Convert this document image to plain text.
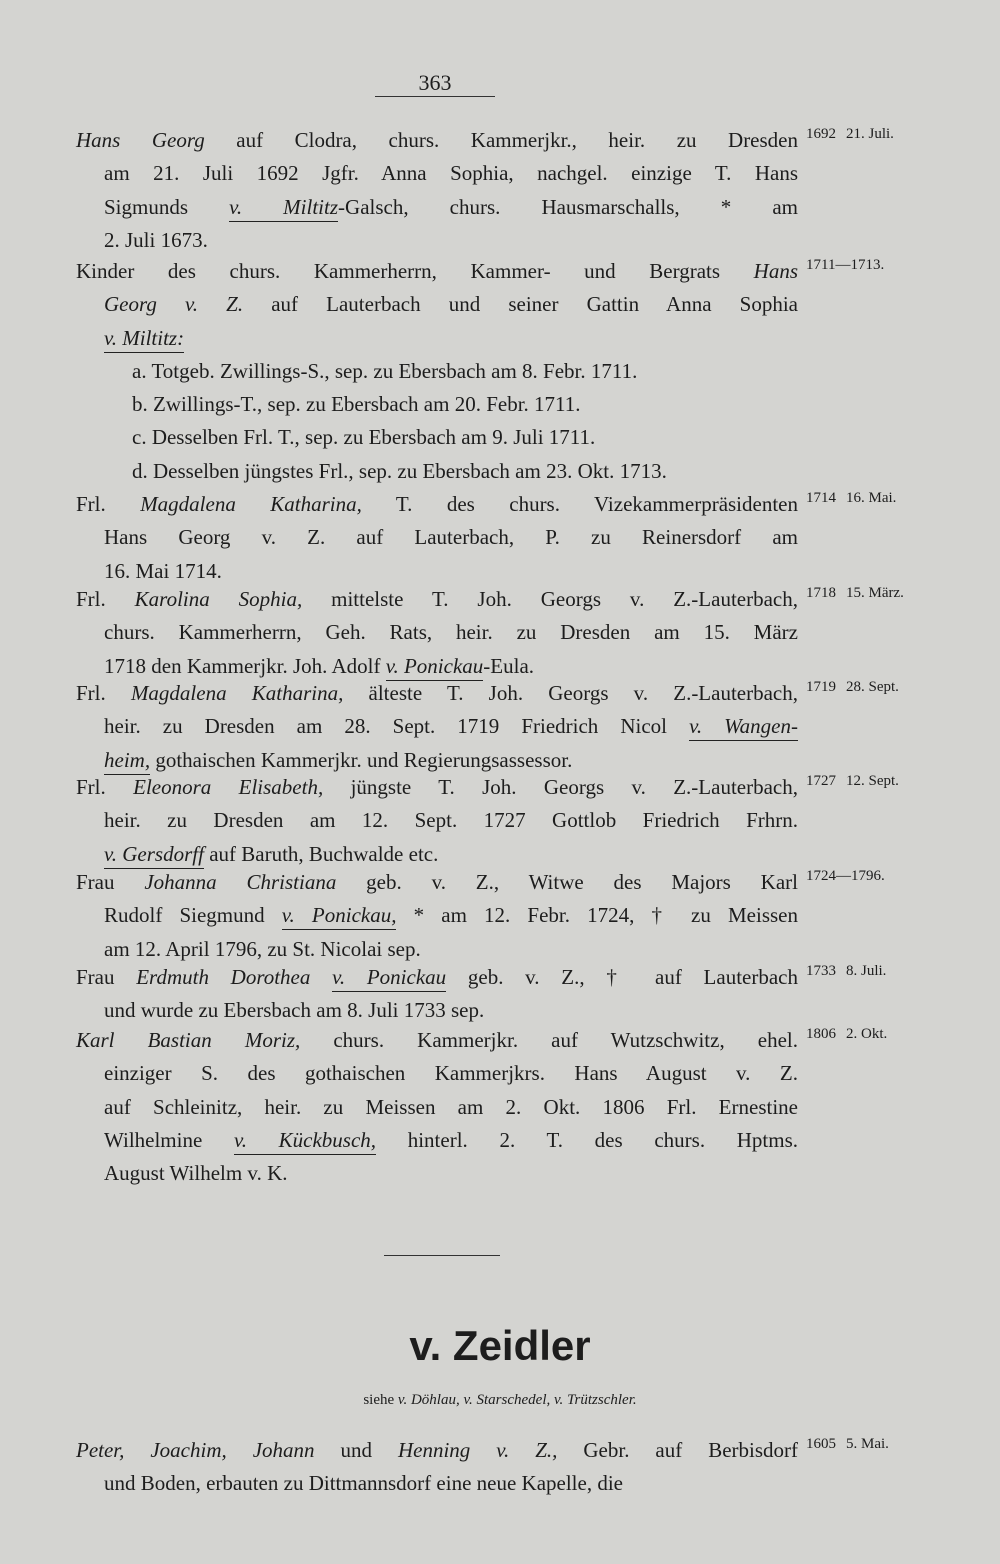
363
Hans Georg auf Clodra, churs. Kammerjkr., heir. zu Dresden
am 21. Juli 1692 Jgfr. Anna Sophia, nachgel. einzige T. Hans
Sigmunds v. Miltitz-Galsch, churs. Hausmarschalls, * am
2. Juli 1673.
1692 21. Juli.
Kinder des churs. Kammerherrn, Kammer- und Bergrats Hans
Georg v. Z. auf Lauterbach und seiner Gattin Anna Sophia
v. Miltitz:
a. Totgeb. Zwillings-S., sep. zu Ebersbach am 8. Febr. 1711.
b. Zwillings-T., sep. zu Ebersbach am 20. Febr. 1711.
c. Desselben Frl. T., sep. zu Ebersbach am 9. Juli 1711.
d. Desselben jüngstes Frl., sep. zu Ebersbach am 23. Okt. 1713.
1711—1713.
Frl. Magdalena Katharina, T. des churs. Vizekammerpräsidenten
Hans Georg v. Z. auf Lauterbach, P. zu Reinersdorf am
16. Mai 1714.
1714 16. Mai.
Frl. Karolina Sophia, mittelste T. Joh. Georgs v. Z.-Lauterbach,
churs. Kammerherrn, Geh. Rats, heir. zu Dresden am 15. März
1718 den Kammerjkr. Joh. Adolf v. Ponickau-Eula.
1718 15. März.
Frl. Magdalena Katharina, älteste T. Joh. Georgs v. Z.-Lauterbach,
heir. zu Dresden am 28. Sept. 1719 Friedrich Nicol v. Wangen-
heim, gothaischen Kammerjkr. und Regierungsassessor.
1719 28. Sept.
Frl. Eleonora Elisabeth, jüngste T. Joh. Georgs v. Z.-Lauterbach,
heir. zu Dresden am 12. Sept. 1727 Gottlob Friedrich Frhrn.
v. Gersdorff auf Baruth, Buchwalde etc.
1727 12. Sept.
Frau Johanna Christiana geb. v. Z., Witwe des Majors Karl
Rudolf Siegmund v. Ponickau, * am 12. Febr. 1724, † zu Meissen
am 12. April 1796, zu St. Nicolai sep.
1724—1796.
Frau Erdmuth Dorothea v. Ponickau geb. v. Z., † auf Lauterbach
und wurde zu Ebersbach am 8. Juli 1733 sep.
1733 8. Juli.
Karl Bastian Moriz, churs. Kammerjkr. auf Wutzschwitz, ehel.
einziger S. des gothaischen Kammerjkrs. Hans August v. Z.
auf Schleinitz, heir. zu Meissen am 2. Okt. 1806 Frl. Ernestine
Wilhelmine v. Kückbusch, hinterl. 2. T. des churs. Hptms.
August Wilhelm v. K.
1806 2. Okt.
v. Zeidler
siehe v. Döhlau, v. Starschedel, v. Trützschler.
Peter, Joachim, Johann und Henning v. Z., Gebr. auf Berbisdorf
und Boden, erbauten zu Dittmannsdorf eine neue Kapelle, die
1605 5. Mai.
